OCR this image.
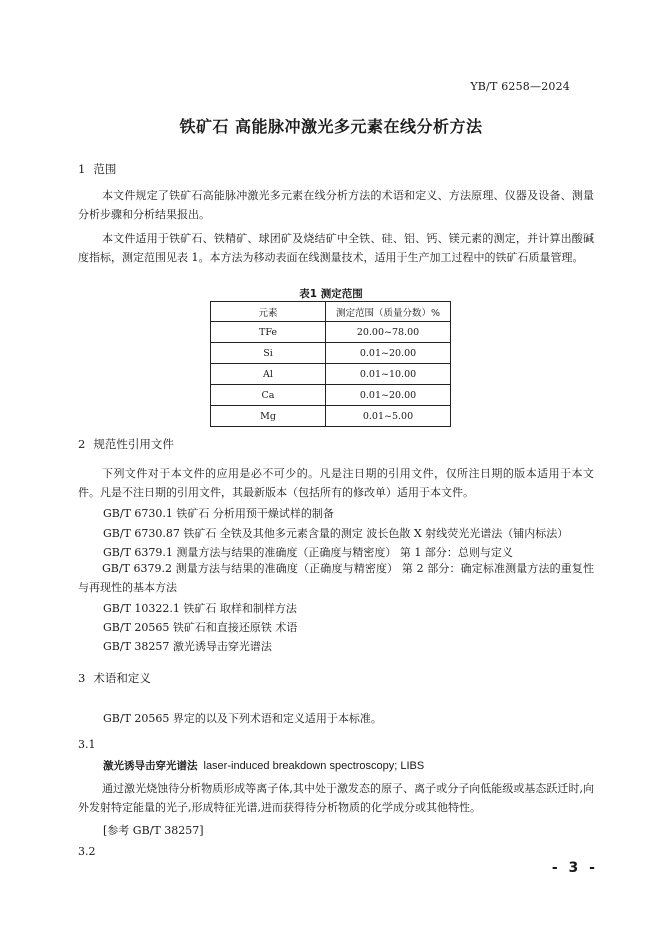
YB/T 6258—2024
铁矿石 高能脉冲激光多元素在线分析方法
1 范围
本文件规定了铁矿石高能脉冲激光多元素在线分析方法的术语和定义、方法原理、仪器及设备、测量分析步骤和分析结果报出。
本文件适用于铁矿石、铁精矿、球团矿及烧结矿中全铁、硅、铝、钙、镁元素的测定，并计算出酸碱度指标，测定范围见表 1。本方法为移动表面在线测量技术，适用于生产加工过程中的铁矿石质量管理。
表1 测定范围
元素	测定范围（质量分数）%
TFe	20.00~78.00
Si	0.01~20.00
Al	0.01~10.00
Ca	0.01~20.00
Mg	0.01~5.00
2 规范性引用文件
下列文件对于本文件的应用是必不可少的。凡是注日期的引用文件，仅所注日期的版本适用于本文件。凡是不注日期的引用文件，其最新版本（包括所有的修改单）适用于本文件。
GB/T 6730.1 铁矿石 分析用预干燥试样的制备
GB/T 6730.87 铁矿石 全铁及其他多元素含量的测定 波长色散 X 射线荧光光谱法（铺内标法）
GB/T 6379.1 测量方法与结果的准确度（正确度与精密度） 第 1 部分：总则与定义
GB/T 6379.2 测量方法与结果的准确度（正确度与精密度） 第 2 部分：确定标准测量方法的重复性与再现性的基本方法
GB/T 10322.1 铁矿石 取样和制样方法
GB/T 20565 铁矿石和直接还原铁 术语
GB/T 38257 激光诱导击穿光谱法
3 术语和定义
GB/T 20565 界定的以及下列术语和定义适用于本标准。
3.1
激光诱导击穿光谱法 laser-induced breakdown spectroscopy; LIBS
通过激光烧蚀待分析物质形成等离子体,其中处于激发态的原子、离子或分子向低能级或基态跃迁时,向外发射特定能量的光子,形成特征光谱,进而获得待分析物质的化学成分或其他特性。
[参考 GB/T 38257]
3.2
- 3 -
